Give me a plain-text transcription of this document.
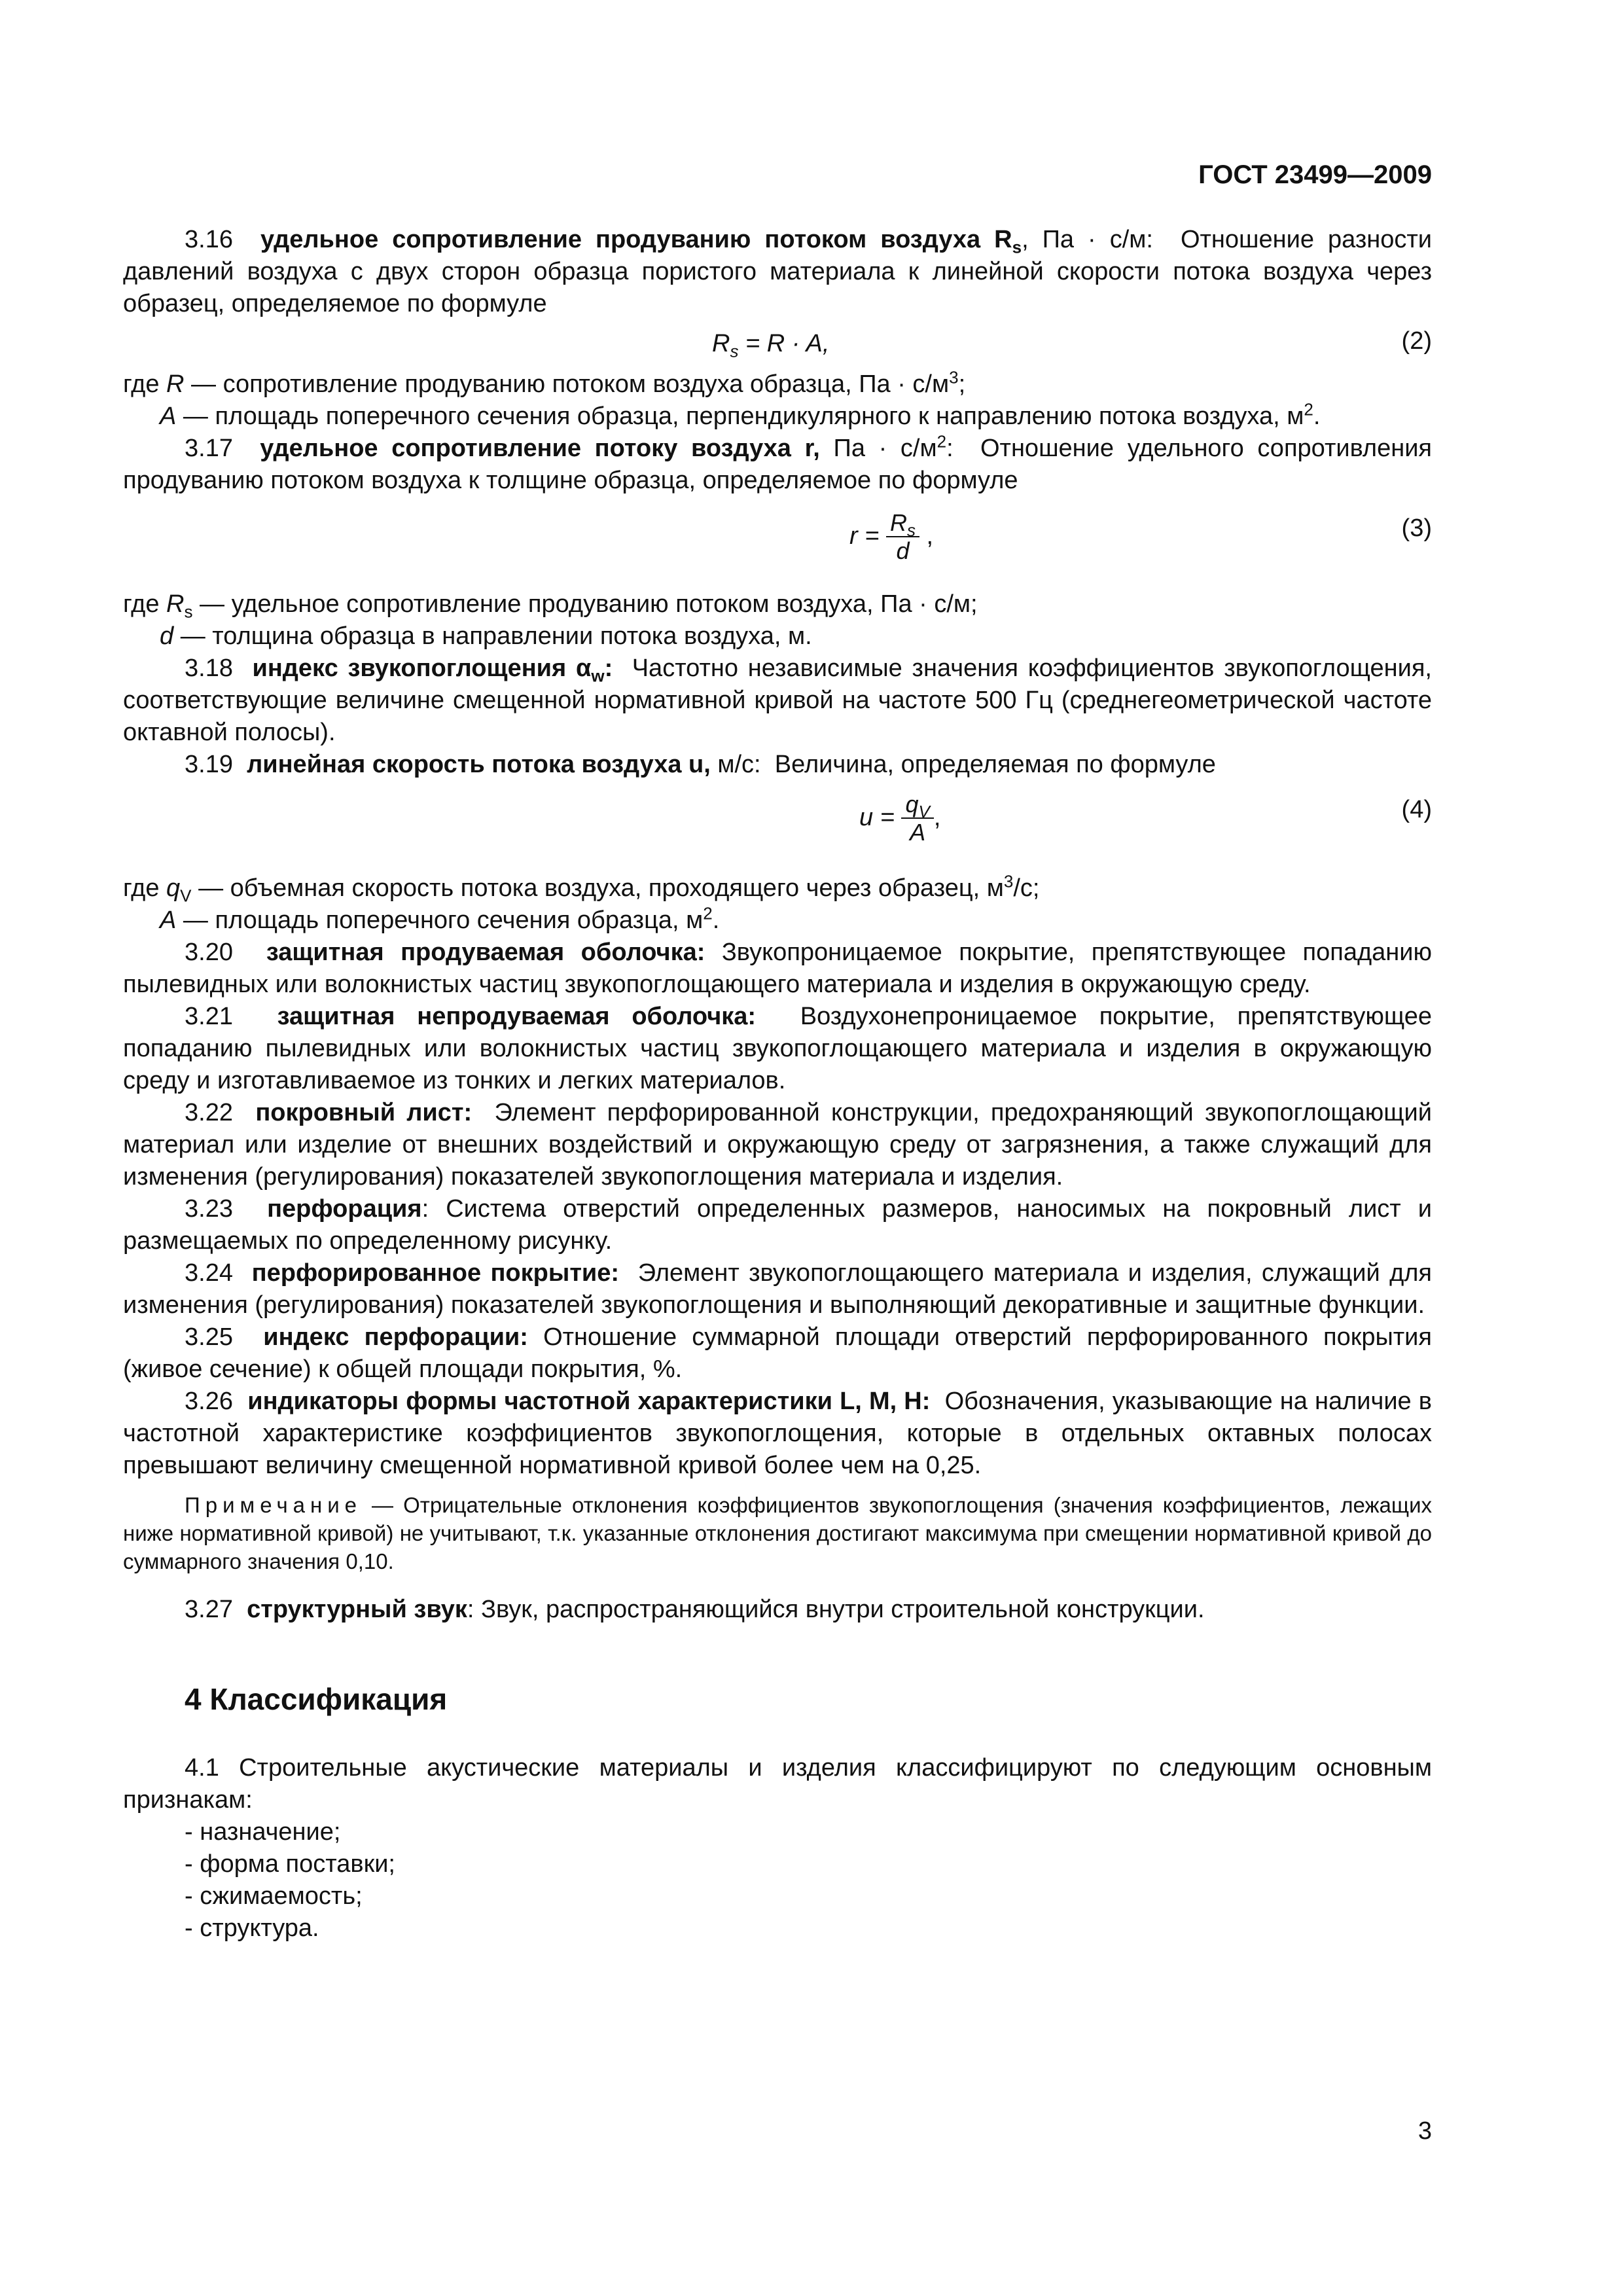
ГОСТ 23499—2009

3.16 удельное сопротивление продуванию потоком воздуха $R_s$, Па · с/м: Отношение разности давлений воздуха с двух сторон образца пористого материала к линейной скорости потока воздуха через образец, определяемое по формуле

$R_s = R \cdot A$,	(2)

где R — сопротивление продуванию потоком воздуха образца, Па · $с/м^3$;

A — площадь поперечного сечения образца, перпендикулярного к направлению потока воздуха, $м^2$.

3.17 удельное сопротивление потоку воздуха r, Па · $с/м^2$: Отношение удельного сопротивления продуванию потоком воздуха к толщине образца, определяемое по формуле

$r = \frac{R_s}{d}$ ,	(3)

где $R_s$ — удельное сопротивление продуванию потоком воздуха, Па · с/м;

d — толщина образца в направлении потока воздуха, м.

3.18 индекс звукопоглощения $\alpha_w$: Частотно независимые значения коэффициентов звукопоглощения, соответствующие величине смещенной нормативной кривой на частоте 500 Гц (среднегеометрической частоте октавной полосы).

3.19 линейная скорость потока воздуха u, м/с: Величина, определяемая по формуле

$u = \frac{q_V}{A}$ ,	(4)

где $q_V$ — объемная скорость потока воздуха, проходящего через образец, $м^3/с$;

A — площадь поперечного сечения образца, $м^2$.

3.20 защитная продуваемая оболочка: Звукопроницаемое покрытие, препятствующее попаданию пылевидных или волокнистых частиц звукопоглощающего материала и изделия в окружающую среду.

3.21 защитная непродуваемая оболочка: Воздухонепроницаемое покрытие, препятствующее попаданию пылевидных или волокнистых частиц звукопоглощающего материала и изделия в окружающую среду и изготавливаемое из тонких и легких материалов.

3.22 покровный лист: Элемент перфорированной конструкции, предохраняющий звукопоглощающий материал или изделие от внешних воздействий и окружающую среду от загрязнения, а также служащий для изменения (регулирования) показателей звукопоглощения материала и изделия.

3.23 перфорация: Система отверстий определенных размеров, наносимых на покровный лист и размещаемых по определенному рисунку.

3.24 перфорированное покрытие: Элемент звукопоглощающего материала и изделия, служащий для изменения (регулирования) показателей звукопоглощения и выполняющий декоративные и защитные функции.

3.25 индекс перфорации: Отношение суммарной площади отверстий перфорированного покрытия (живое сечение) к общей площади покрытия, %.

3.26 индикаторы формы частотной характеристики L, M, H: Обозначения, указывающие на наличие в частотной характеристике коэффициентов звукопоглощения, которые в отдельных октавных полосах превышают величину смещенной нормативной кривой более чем на 0,25.

Примечание — Отрицательные отклонения коэффициентов звукопоглощения (значения коэффициентов, лежащих ниже нормативной кривой) не учитывают, т.к. указанные отклонения достигают максимума при смещении нормативной кривой до суммарного значения 0,10.

3.27 структурный звук: Звук, распространяющийся внутри строительной конструкции.

4 Классификация

4.1 Строительные акустические материалы и изделия классифицируют по следующим основным признакам:

- назначение;
- форма поставки;
- сжимаемость;
- структура.
3
